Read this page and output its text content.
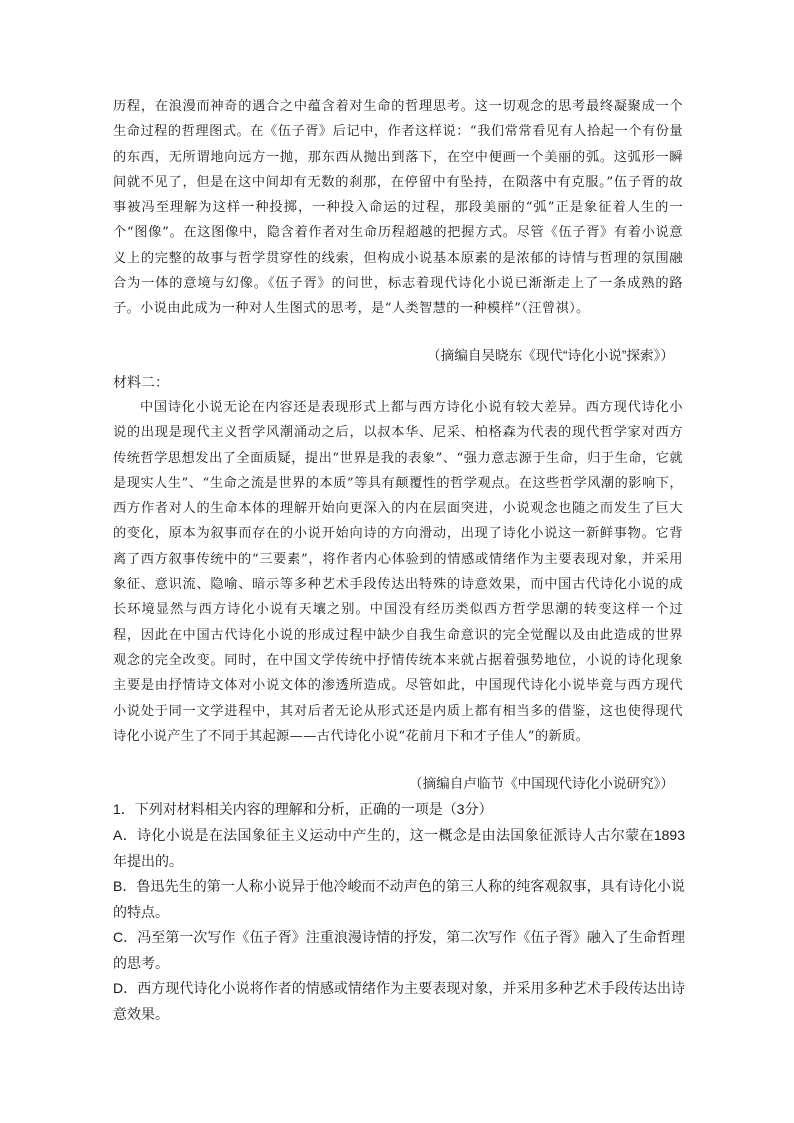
历程，在浪漫而神奇的遇合之中蕴含着对生命的哲理思考。这一切观念的思考最终凝聚成一个生命过程的哲理图式。在《伍子胥》后记中，作者这样说：“我们常常看见有人拾起一个有份量的东西，无所谓地向远方一抛，那东西从抛出到落下，在空中便画一个美丽的弧。这弧形一瞬间就不见了，但是在这中间却有无数的刹那，在停留中有坠持，在陨落中有克服。”伍子胥的故事被冯至理解为这样一种投掷，一种投入命运的过程，那段美丽的“弧”正是象征着人生的一个“图像”。在这图像中，隐含着作者对生命历程超越的把握方式。尽管《伍子胥》有着小说意义上的完整的故事与哲学贯穿性的线索，但构成小说基本原素的是浓郁的诗情与哲理的氛围融合为一体的意境与幻像。《伍子胥》的问世，标志着现代诗化小说已渐渐走上了一条成熟的路子。小说由此成为一种对人生图式的思考，是“人类智慧的一种模样”（汪曾祺）。

（摘编自吴晓东《现代“诗化小说”探索》）

材料二：

中国诗化小说无论在内容还是表现形式上都与西方诗化小说有较大差异。西方现代诗化小说的出现是现代主义哲学风潮涌动之后，以叔本华、尼采、柏格森为代表的现代哲学家对西方传统哲学思想发出了全面质疑，提出“世界是我的表象”、“强力意志源于生命，归于生命，它就是现实人生”、“生命之流是世界的本质”等具有颠覆性的哲学观点。在这些哲学风潮的影响下，西方作者对人的生命本体的理解开始向更深入的内在层面突进，小说观念也随之而发生了巨大的变化，原本为叙事而存在的小说开始向诗的方向滑动，出现了诗化小说这一新鲜事物。它背离了西方叙事传统中的“三要素”，将作者内心体验到的情感或情绪作为主要表现对象，并采用象征、意识流、隐喻、暗示等多种艺术手段传达出特殊的诗意效果，而中国古代诗化小说的成长环境显然与西方诗化小说有天壤之别。中国没有经历类似西方哲学思潮的转变这样一个过程，因此在中国古代诗化小说的形成过程中缺少自我生命意识的完全觉醒以及由此造成的世界观念的完全改变。同时，在中国文学传统中抒情传统本来就占据着强势地位，小说的诗化现象主要是由抒情诗文体对小说文体的渗透所造成。尽管如此，中国现代诗化小说毕竟与西方现代小说处于同一文学进程中，其对后者无论从形式还是内质上都有相当多的借鉴，这也使得现代诗化小说产生了不同于其起源——古代诗化小说“花前月下和才子佳人”的新质。

（摘编自卢临节《中国现代诗化小说研究》）

1．下列对材料相关内容的理解和分析，正确的一项是（3分）

A．诗化小说是在法国象征主义运动中产生的，这一概念是由法国象征派诗人古尔蒙在1893年提出的。

B．鲁迅先生的第一人称小说异于他冷峻而不动声色的第三人称的纯客观叙事，具有诗化小说的特点。

C．冯至第一次写作《伍子胥》注重浪漫诗情的抒发，第二次写作《伍子胥》融入了生命哲理的思考。

D．西方现代诗化小说将作者的情感或情绪作为主要表现对象，并采用多种艺术手段传达出诗意效果。
